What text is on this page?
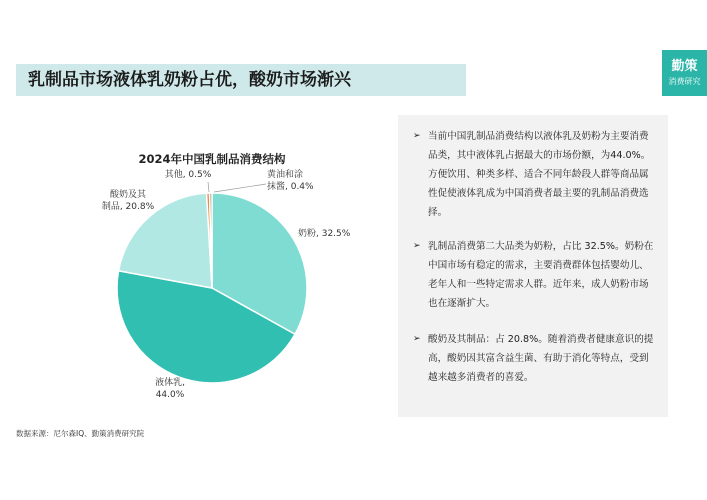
乳制品市场液体乳奶粉占优，酸奶市场渐兴
勤策
消费研究
2024年中国乳制品消费结构
奶粉, 32.5%
液体乳, 44.0%
酸奶及其制品, 20.8%
其他, 0.5%	黄油和涂抹酱, 0.4%
➢ 当前中国乳制品消费结构以液体乳及奶粉为主要消费品类，其中液体乳占据最大的市场份额，为44.0%。方便饮用、种类多样、适合不同年龄段人群等商品属性促使液体乳成为中国消费者最主要的乳制品消费选择。
➢ 乳制品消费第二大品类为奶粉，占比 32.5%。奶粉在中国市场有稳定的需求，主要消费群体包括婴幼儿、老年人和一些特定需求人群。近年来，成人奶粉市场也在逐渐扩大。
➢ 酸奶及其制品：占 20.8%。随着消费者健康意识的提高，酸奶因其富含益生菌、有助于消化等特点，受到越来越多消费者的喜爱。
数据来源：尼尔森IQ、勤策消费研究院
